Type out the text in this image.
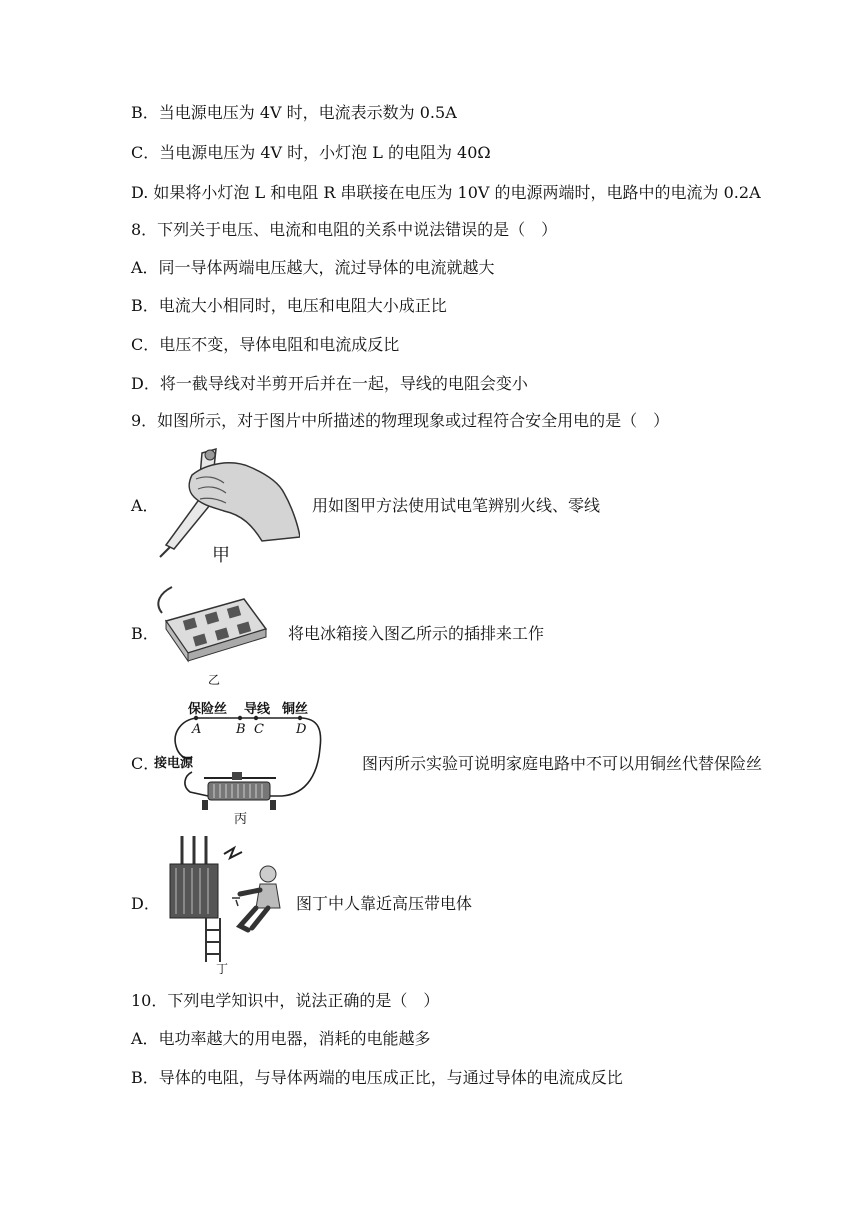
B．当电源电压为 4V 时，电流表示数为 0.5A
C．当电源电压为 4V 时，小灯泡 L 的电阻为 40Ω
D. 如果将小灯泡 L 和电阻 R 串联接在电压为 10V 的电源两端时，电路中的电流为 0.2A
8．下列关于电压、电流和电阻的关系中说法错误的是（　）
A．同一导体两端电压越大，流过导体的电流就越大
B．电流大小相同时，电压和电阻大小成正比
C．电压不变，导体电阻和电流成反比
D．将一截导线对半剪开后并在一起，导线的电阻会变小
9．如图所示，对于图片中所描述的物理现象或过程符合安全用电的是（　）
A．
甲
用如图甲方法使用试电笔辨别火线、零线
B．
乙
将电冰箱接入图乙所示的插排来工作
C．
保险丝 导线 铜丝
A	B C D
接电源
丙
图丙所示实验可说明家庭电路中不可以用铜丝代替保险丝
D．
丁
图丁中人靠近高压带电体
10．下列电学知识中，说法正确的是（　）
A．电功率越大的用电器，消耗的电能越多
B．导体的电阻，与导体两端的电压成正比，与通过导体的电流成反比
